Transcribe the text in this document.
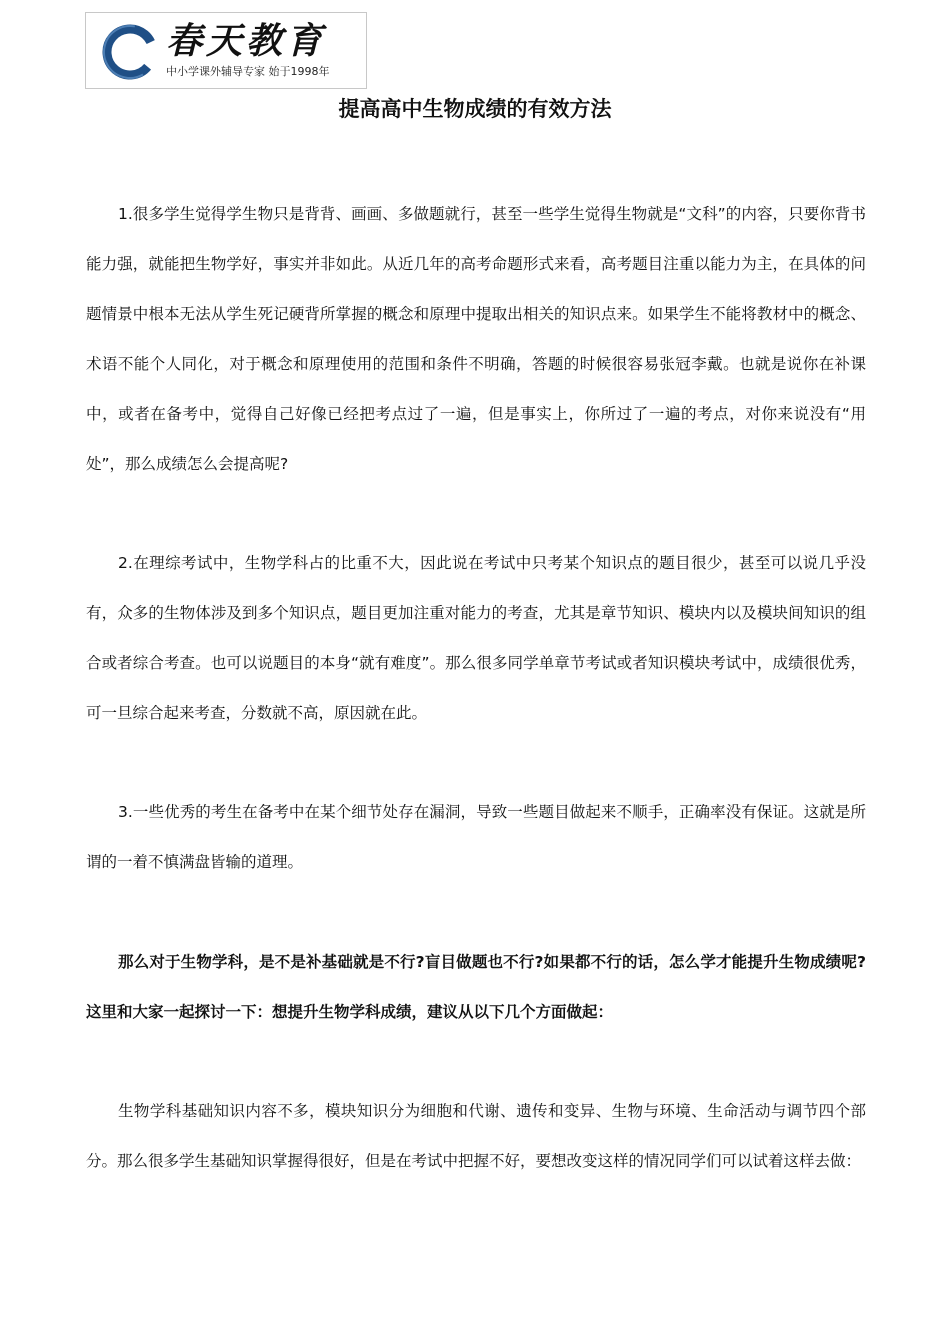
春天教育
中小学课外辅导专家 始于1998年
提高高中生物成绩的有效方法

1.很多学生觉得学生物只是背背、画画、多做题就行，甚至一些学生觉得生物就是“文科”的内容，只要你背书能力强，就能把生物学好，事实并非如此。从近几年的高考命题形式来看，高考题目注重以能力为主，在具体的问题情景中根本无法从学生死记硬背所掌握的概念和原理中提取出相关的知识点来。如果学生不能将教材中的概念、术语不能个人同化，对于概念和原理使用的范围和条件不明确，答题的时候很容易张冠李戴。也就是说你在补课中，或者在备考中，觉得自己好像已经把考点过了一遍，但是事实上，你所过了一遍的考点，对你来说没有“用处”，那么成绩怎么会提高呢?

2.在理综考试中，生物学科占的比重不大，因此说在考试中只考某个知识点的题目很少，甚至可以说几乎没有，众多的生物体涉及到多个知识点，题目更加注重对能力的考查，尤其是章节知识、模块内以及模块间知识的组合或者综合考查。也可以说题目的本身“就有难度”。那么很多同学单章节考试或者知识模块考试中，成绩很优秀，可一旦综合起来考查，分数就不高，原因就在此。

3.一些优秀的考生在备考中在某个细节处存在漏洞，导致一些题目做起来不顺手，正确率没有保证。这就是所谓的一着不慎满盘皆输的道理。

那么对于生物学科，是不是补基础就是不行?盲目做题也不行?如果都不行的话，怎么学才能提升生物成绩呢?这里和大家一起探讨一下：想提升生物学科成绩，建议从以下几个方面做起：

生物学科基础知识内容不多，模块知识分为细胞和代谢、遗传和变异、生物与环境、生命活动与调节四个部分。那么很多学生基础知识掌握得很好，但是在考试中把握不好，要想改变这样的情况同学们可以试着这样去做：
